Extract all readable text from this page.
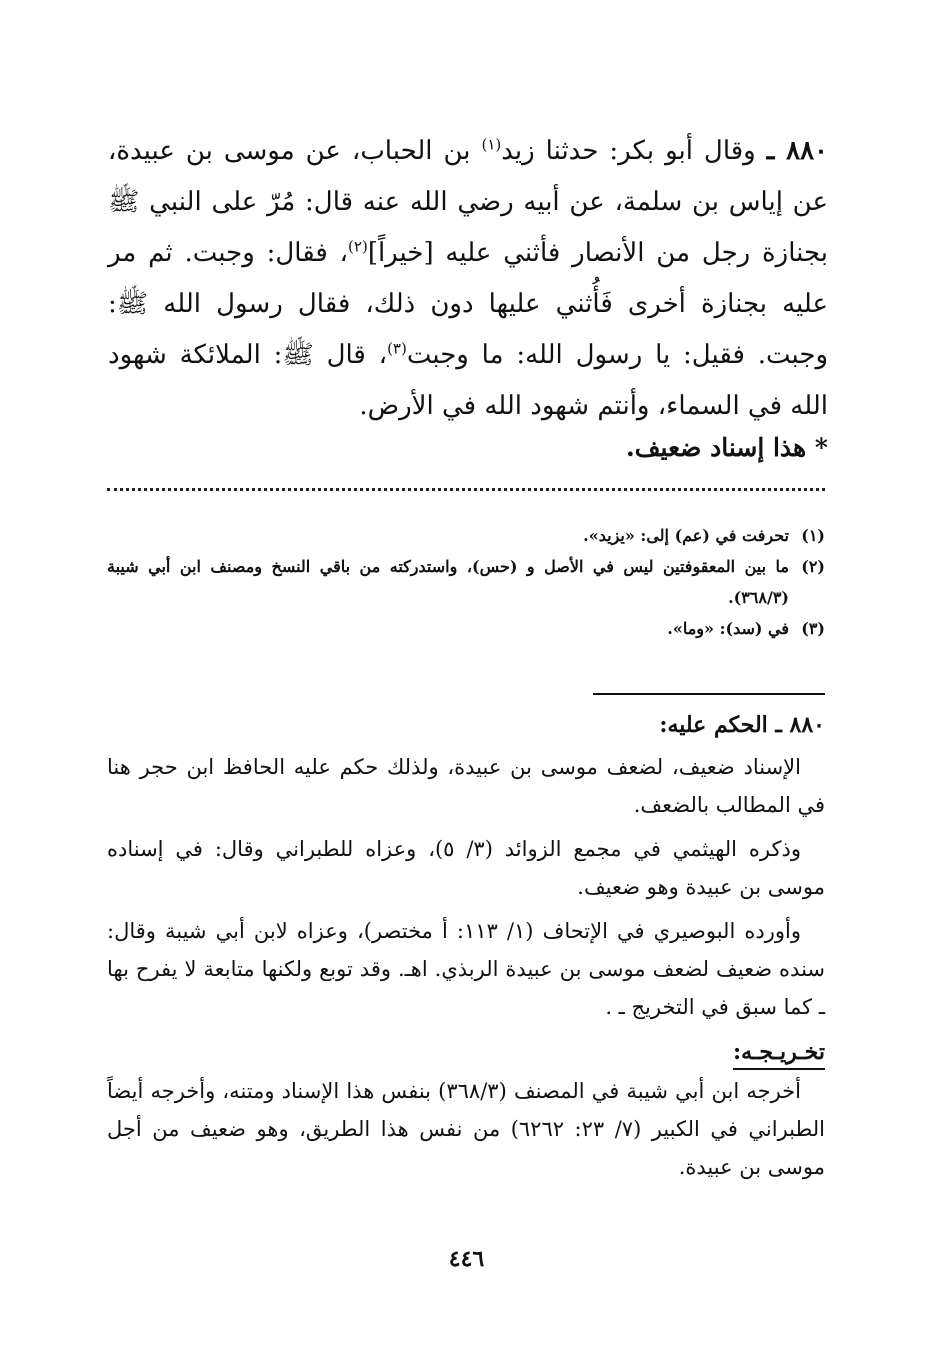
٨٨٠ ـ وقال أبو بكر: حدثنا زيد$^{(١)}$ بن الحباب، عن موسى بن عبيدة، عن إياس بن سلمة، عن أبيه رضي الله عنه قال: مُرّ على النبي ﷺ بجنازة رجل من الأنصار فأثني عليه [خيراً]$^{(٢)}$، فقال: وجبت. ثم مر عليه بجنازة أخرى فَأُثني عليها دون ذلك، فقال رسول الله ﷺ: وجبت. فقيل: يا رسول الله: ما وجبت$^{(٣)}$، قال ﷺ: الملائكة شهود الله في السماء، وأنتم شهود الله في الأرض.

* هذا إسناد ضعيف.
(١)
تحرفت في (عم) إلى: «يزيد».
(٢)
ما بين المعقوفتين ليس في الأصل و (حس)، واستدركته من باقي النسخ ومصنف ابن أبي شيبة (٣٦٨/٣).
(٣)
في (سد): «وما».
٨٨٠ ـ الحكم عليه:

الإسناد ضعيف، لضعف موسى بن عبيدة، ولذلك حكم عليه الحافظ ابن حجر هنا في المطالب بالضعف.

وذكره الهيثمي في مجمع الزوائد (٣/ ٥)، وعزاه للطبراني وقال: في إسناده موسى بن عبيدة وهو ضعيف.

وأورده البوصيري في الإتحاف (١/ ١١٣: أ مختصر)، وعزاه لابن أبي شيبة وقال: سنده ضعيف لضعف موسى بن عبيدة الربذي. اهـ. وقد توبع ولكنها متابعة لا يفرح بها ـ كما سبق في التخريج ـ .

تخـريـجـه:

أخرجه ابن أبي شيبة في المصنف (٣٦٨/٣) بنفس هذا الإسناد ومتنه، وأخرجه أيضاً الطبراني في الكبير (٧/ ٢٣: ٦٢٦٢) من نفس هذا الطريق، وهو ضعيف من أجل موسى بن عبيدة.

٤٤٦
